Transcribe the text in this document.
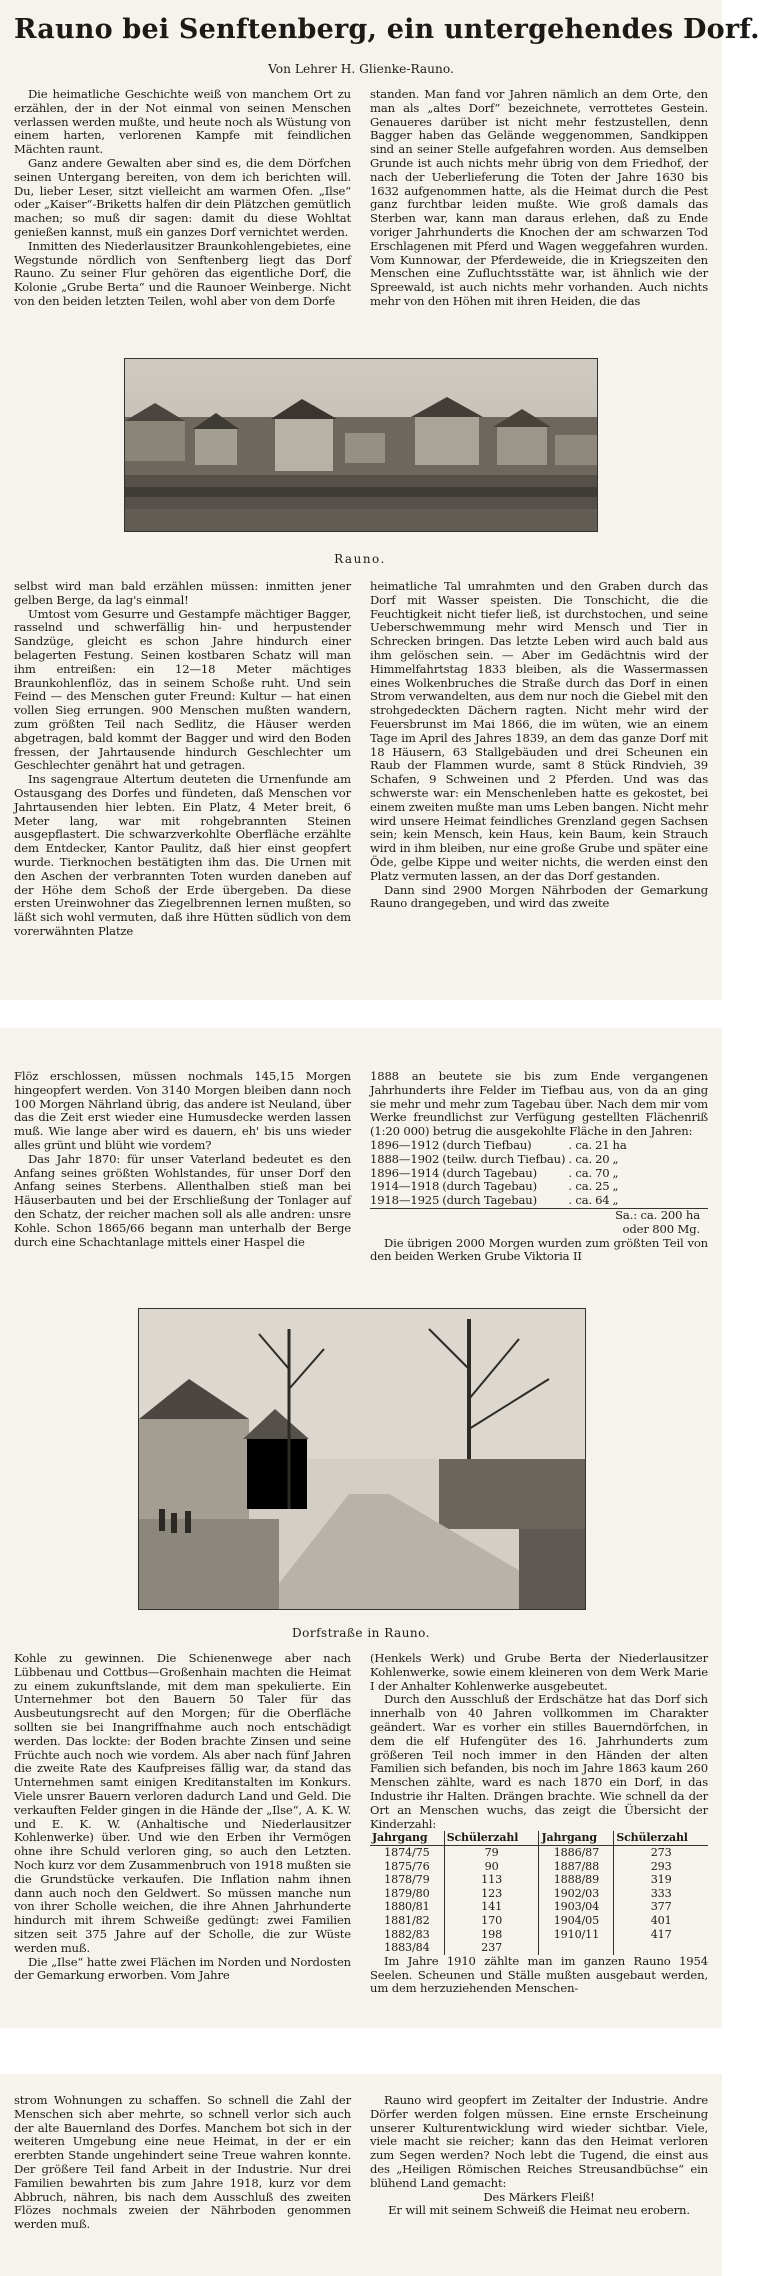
Rauno bei Senftenberg, ein untergehendes Dorf.
Von Lehrer H. Glienke-Rauno.

Die heimatliche Geschichte weiß von manchem Ort zu erzählen, der in der Not einmal von seinen Menschen verlassen werden mußte, und heute noch als Wüstung von einem harten, verlorenen Kampfe mit feindlichen Mächten raunt.

Ganz andere Gewalten aber sind es, die dem Dörfchen seinen Untergang bereiten, von dem ich berichten will. Du, lieber Leser, sitzt vielleicht am warmen Ofen. „Ilse“ oder „Kaiser“-Briketts halfen dir dein Plätzchen gemütlich machen; so muß dir sagen: damit du diese Wohltat genießen kannst, muß ein ganzes Dorf vernichtet werden.

Inmitten des Niederlausitzer Braunkohlengebietes, eine Wegstunde nördlich von Senftenberg liegt das Dorf Rauno. Zu seiner Flur gehören das eigentliche Dorf, die Kolonie „Grube Berta“ und die Raunoer Weinberge. Nicht von den beiden letzten Teilen, wohl aber von dem Dorfe

standen. Man fand vor Jahren nämlich an dem Orte, den man als „altes Dorf“ bezeichnete, verrottetes Gestein. Genaueres darüber ist nicht mehr festzustellen, denn Bagger haben das Gelände weggenommen, Sandkippen sind an seiner Stelle aufgefahren worden. Aus demselben Grunde ist auch nichts mehr übrig von dem Friedhof, der nach der Ueberlieferung die Toten der Jahre 1630 bis 1632 aufgenommen hatte, als die Heimat durch die Pest ganz furchtbar leiden mußte. Wie groß damals das Sterben war, kann man daraus erlehen, daß zu Ende voriger Jahrhunderts die Knochen der am schwarzen Tod Erschlagenen mit Pferd und Wagen weggefahren wurden. Vom Kunnowar, der Pferdeweide, die in Kriegszeiten den Menschen eine Zufluchtsstätte war, ist ähnlich wie der Spreewald, ist auch nichts mehr vorhanden. Auch nichts mehr von den Höhen mit ihren Heiden, die das

Rauno.

selbst wird man bald erzählen müssen: inmitten jener gelben Berge, da lag's einmal!

Umtost vom Gesurre und Gestampfe mächtiger Bagger, rasselnd und schwerfällig hin- und herpustender Sandzüge, gleicht es schon Jahre hindurch einer belagerten Festung. Seinen kostbaren Schatz will man ihm entreißen: ein 12—18 Meter mächtiges Braunkohlenflöz, das in seinem Schoße ruht. Und sein Feind — des Menschen guter Freund: Kultur — hat einen vollen Sieg errungen. 900 Menschen mußten wandern, zum größten Teil nach Sedlitz, die Häuser werden abgetragen, bald kommt der Bagger und wird den Boden fressen, der Jahrtausende hindurch Geschlechter um Geschlechter genährt hat und getragen.

Ins sagengraue Altertum deuteten die Urnenfunde am Ostausgang des Dorfes und fündeten, daß Menschen vor Jahrtausenden hier lebten. Ein Platz, 4 Meter breit, 6 Meter lang, war mit rohgebrannten Steinen ausgepflastert. Die schwarzverkohlte Oberfläche erzählte dem Entdecker, Kantor Paulitz, daß hier einst geopfert wurde. Tierknochen bestätigten ihm das. Die Urnen mit den Aschen der verbrannten Toten wurden daneben auf der Höhe dem Schoß der Erde übergeben. Da diese ersten Ureinwohner das Ziegelbrennen lernen mußten, so läßt sich wohl vermuten, daß ihre Hütten südlich von dem vorerwähnten Platze

heimatliche Tal umrahmten und den Graben durch das Dorf mit Wasser speisten. Die Tonschicht, die die Feuchtigkeit nicht tiefer ließ, ist durchstochen, und seine Ueberschwemmung mehr wird Mensch und Tier in Schrecken bringen. Das letzte Leben wird auch bald aus ihm gelöschen sein. — Aber im Gedächtnis wird der Himmelfahrtstag 1833 bleiben, als die Wassermassen eines Wolkenbruches die Straße durch das Dorf in einen Strom verwandelten, aus dem nur noch die Giebel mit den strohgedeckten Dächern ragten. Nicht mehr wird der Feuersbrunst im Mai 1866, die im wüten, wie an einem Tage im April des Jahres 1839, an dem das ganze Dorf mit 18 Häusern, 63 Stallgebäuden und drei Scheunen ein Raub der Flammen wurde, samt 8 Stück Rindvieh, 39 Schafen, 9 Schweinen und 2 Pferden. Und was das schwerste war: ein Menschenleben hatte es gekostet, bei einem zweiten mußte man ums Leben bangen. Nicht mehr wird unsere Heimat feindliches Grenzland gegen Sachsen sein; kein Mensch, kein Haus, kein Baum, kein Strauch wird in ihm bleiben, nur eine große Grube und später eine Öde, gelbe Kippe und weiter nichts, die werden einst den Platz vermuten lassen, an der das Dorf gestanden.

Dann sind 2900 Morgen Nährboden der Gemarkung Rauno drangegeben, und wird das zweite

Flöz erschlossen, müssen nochmals 145,15 Morgen hingeopfert werden. Von 3140 Morgen bleiben dann noch 100 Morgen Nährland übrig, das andere ist Neuland, über das die Zeit erst wieder eine Humusdecke werden lassen muß. Wie lange aber wird es dauern, eh' bis uns wieder alles grünt und blüht wie vordem?

Das Jahr 1870: für unser Vaterland bedeutet es den Anfang seines größten Wohlstandes, für unser Dorf den Anfang seines Sterbens. Allenthalben stieß man bei Häuserbauten und bei der Erschließung der Tonlager auf den Schatz, der reicher machen soll als alle andren: unsre Kohle. Schon 1865/66 begann man unterhalb der Berge durch eine Schachtanlage mittels einer Haspel die

1888 an beutete sie bis zum Ende vergangenen Jahrhunderts ihre Felder im Tiefbau aus, von da an ging sie mehr und mehr zum Tagebau über. Nach dem mir vom Werke freundlichst zur Verfügung gestellten Flächenriß (1:20 000) betrug die ausgekohlte Fläche in den Jahren:

1896—1912	(durch Tiefbau)	. ca.	21	ha
1888—1902	(teilw. durch Tiefbau)	. ca.	20	„
1896—1914	(durch Tagebau)	. ca.	70	„
1914—1918	(durch Tagebau)	. ca.	25	„
1918—1925	(durch Tagebau)	. ca.	64	„
Sa.: ca. 200 ha
oder 800 Mg.

Die übrigen 2000 Morgen wurden zum größten Teil von den beiden Werken Grube Viktoria II

Dorfstraße in Rauno.

Kohle zu gewinnen. Die Schienenwege aber nach Lübbenau und Cottbus—Großenhain machten die Heimat zu einem zukunftslande, mit dem man spekulierte. Ein Unternehmer bot den Bauern 50 Taler für das Ausbeutungsrecht auf den Morgen; für die Oberfläche sollten sie bei Inangriffnahme auch noch entschädigt werden. Das lockte: der Boden brachte Zinsen und seine Früchte auch noch wie vordem. Als aber nach fünf Jahren die zweite Rate des Kaufpreises fällig war, da stand das Unternehmen samt einigen Kreditanstalten im Konkurs. Viele unsrer Bauern verloren dadurch Land und Geld. Die verkauften Felder gingen in die Hände der „Ilse“, A. K. W. und E. K. W. (Anhaltische und Niederlausitzer Kohlenwerke) über. Und wie den Erben ihr Vermögen ohne ihre Schuld verloren ging, so auch den Letzten. Noch kurz vor dem Zusammenbruch von 1918 mußten sie die Grundstücke verkaufen. Die Inflation nahm ihnen dann auch noch den Geldwert. So müssen manche nun von ihrer Scholle weichen, die ihre Ahnen Jahrhunderte hindurch mit ihrem Schweiße gedüngt: zwei Familien sitzen seit 375 Jahre auf der Scholle, die zur Wüste werden muß.

Die „Ilse“ hatte zwei Flächen im Norden und Nordosten der Gemarkung erworben. Vom Jahre

(Henkels Werk) und Grube Berta der Niederlausitzer Kohlenwerke, sowie einem kleineren von dem Werk Marie I der Anhalter Kohlenwerke ausgebeutet.

Durch den Ausschluß der Erdschätze hat das Dorf sich innerhalb von 40 Jahren vollkommen im Charakter geändert. War es vorher ein stilles Bauerndörfchen, in dem die elf Hufengüter des 16. Jahrhunderts zum größeren Teil noch immer in den Händen der alten Familien sich befanden, bis noch im Jahre 1863 kaum 260 Menschen zählte, ward es nach 1870 ein Dorf, in das Industrie ihr Halten. Drängen brachte. Wie schnell da der Ort an Menschen wuchs, das zeigt die Übersicht der Kinderzahl:

Jahrgang	Schülerzahl	Jahrgang	Schülerzahl
1874/75	79	1886/87	273
1875/76	90	1887/88	293
1878/79	113	1888/89	319
1879/80	123	1902/03	333
1880/81	141	1903/04	377
1881/82	170	1904/05	401
1882/83	198	1910/11	417
1883/84	237		

Im Jahre 1910 zählte man im ganzen Rauno 1954 Seelen. Scheunen und Ställe mußten ausgebaut werden, um dem herzuziehenden Menschen-

strom Wohnungen zu schaffen. So schnell die Zahl der Menschen sich aber mehrte, so schnell verlor sich auch der alte Bauernland des Dorfes. Manchem bot sich in der weiteren Umgebung eine neue Heimat, in der er ein ererbten Stande ungehindert seine Treue wahren konnte. Der größere Teil fand Arbeit in der Industrie. Nur drei Familien bewahrten bis zum Jahre 1918, kurz vor dem Abbruch, nähren, bis nach dem Ausschluß des zweiten Flözes nochmals zweien der Nährboden genommen werden muß.

Rauno wird geopfert im Zeitalter der Industrie. Andre Dörfer werden folgen müssen. Eine ernste Erscheinung unserer Kulturentwicklung wird wieder sichtbar. Viele, viele macht sie reicher; kann das den Heimat verloren zum Segen werden? Noch lebt die Tugend, die einst aus des „Heiligen Römischen Reiches Streusandbüchse“ ein blühend Land gemacht:

Des Märkers Fleiß!

Er will mit seinem Schweiß die Heimat neu erobern.
